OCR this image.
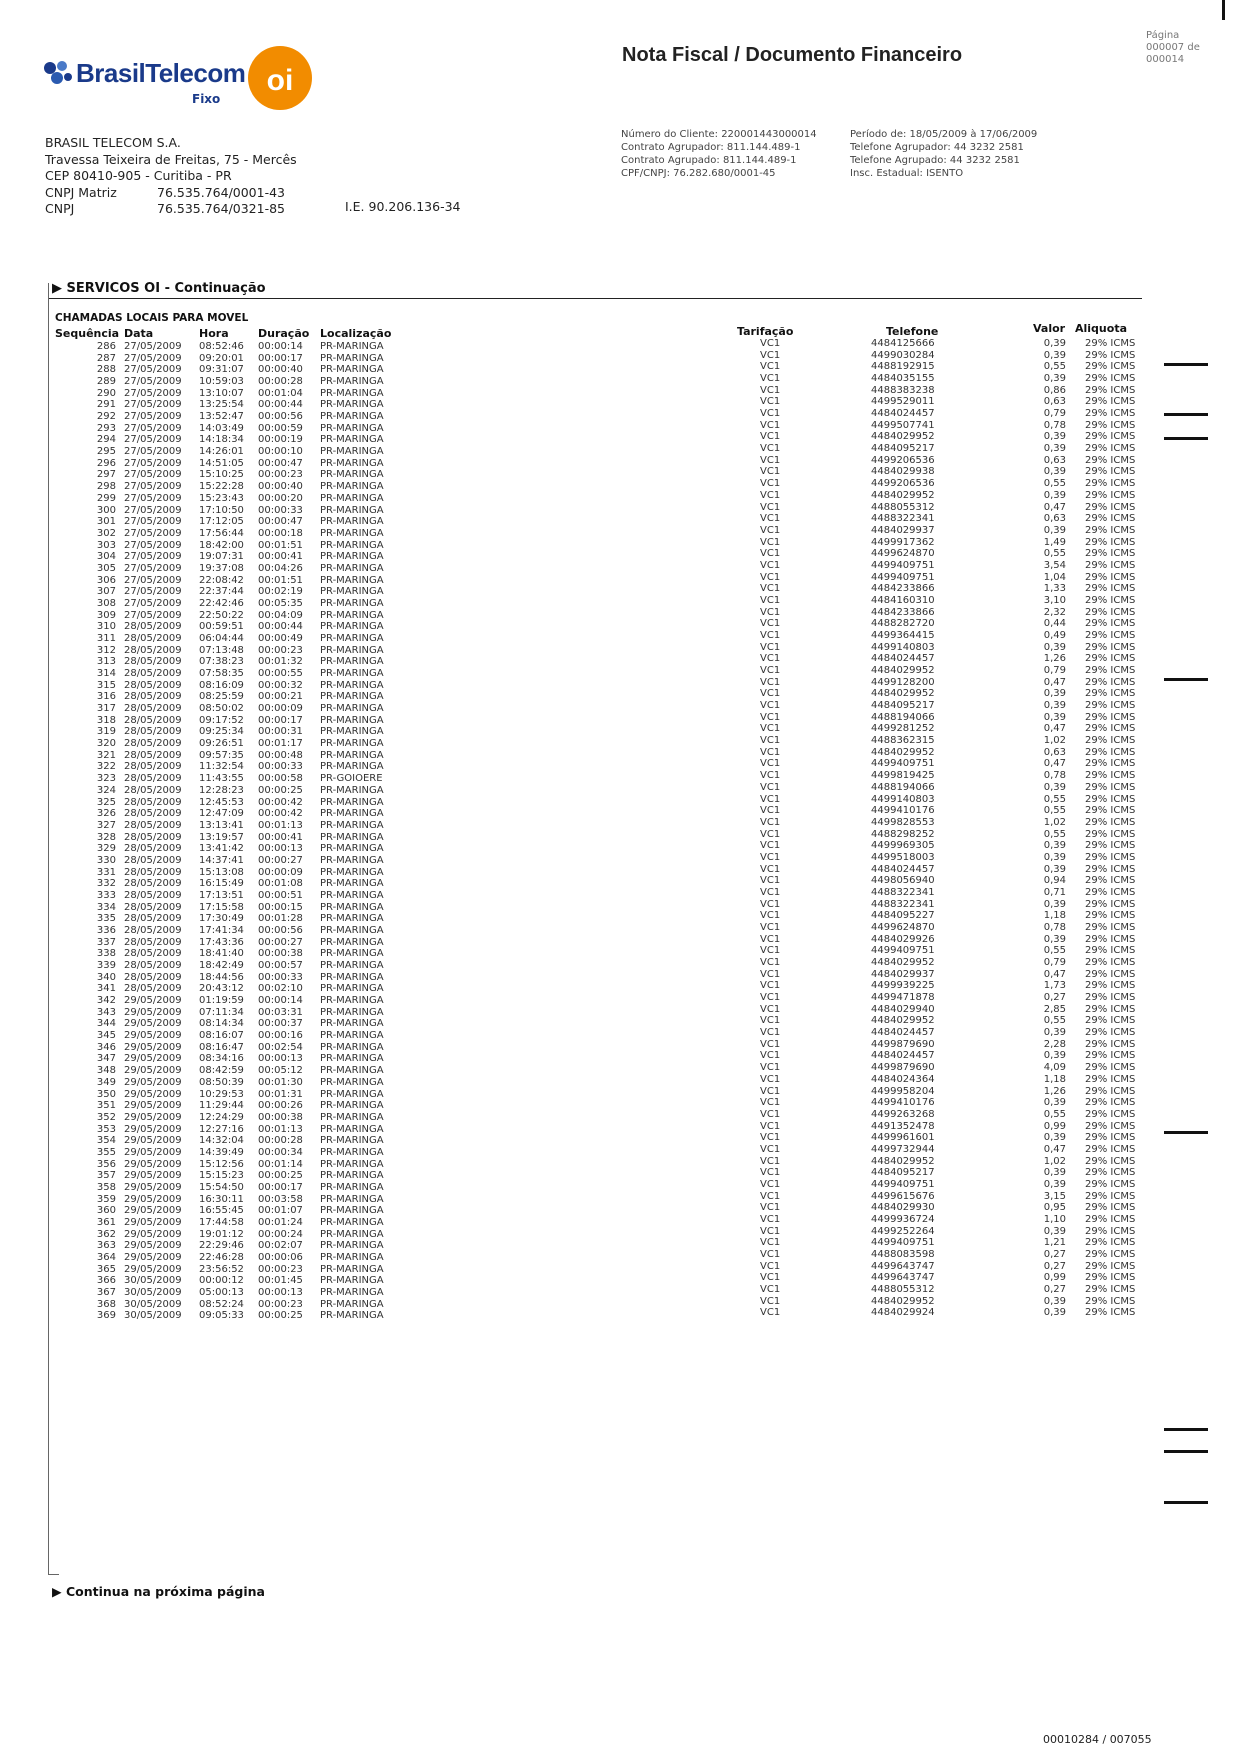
BrasilTelecom
Fixo
oi
BRASIL TELECOM S.A.
Travessa Teixeira de Freitas, 75 - Mercês
CEP 80410-905 - Curitiba - PR
CNPJ Matriz	76.535.764/0001-43
CNPJ	76.535.764/0321-85	I.E. 90.206.136-34
Nota Fiscal / Documento Financeiro
Página
000007 de
000014
Número do Cliente: 220001443000014
Contrato Agrupador: 811.144.489-1
Contrato Agrupado: 811.144.489-1
CPF/CNPJ: 76.282.680/0001-45
Período de: 18/05/2009 à 17/06/2009
Telefone Agrupador: 44 3232 2581
Telefone Agrupado: 44 3232 2581
Insc. Estadual: ISENTO
▶ SERVICOS OI - Continuação
CHAMADAS LOCAIS PARA MOVEL
Sequência Data	Hora	Duração Localização	Tarifação	Telefone	Valor Aliquota
286 27/05/2009 08:52:46 00:00:14 PR-MARINGA	VC1	4484125666	0,39 29% ICMS
287 27/05/2009 09:20:01 00:00:17 PR-MARINGA	VC1	4499030284	0,39 29% ICMS
288 27/05/2009 09:31:07 00:00:40 PR-MARINGA	VC1	4488192915	0,55 29% ICMS
289 27/05/2009 10:59:03 00:00:28 PR-MARINGA	VC1	4484035155	0,39 29% ICMS
290 27/05/2009 13:10:07 00:01:04 PR-MARINGA	VC1	4488383238	0,86 29% ICMS
291 27/05/2009 13:25:54 00:00:44 PR-MARINGA	VC1	4499529011	0,63 29% ICMS
292 27/05/2009 13:52:47 00:00:56 PR-MARINGA	VC1	4484024457	0,79 29% ICMS
293 27/05/2009 14:03:49 00:00:59 PR-MARINGA	VC1	4499507741	0,78 29% ICMS
294 27/05/2009 14:18:34 00:00:19 PR-MARINGA	VC1	4484029952	0,39 29% ICMS
295 27/05/2009 14:26:01 00:00:10 PR-MARINGA	VC1	4484095217	0,39 29% ICMS
296 27/05/2009 14:51:05 00:00:47 PR-MARINGA	VC1	4499206536	0,63 29% ICMS
297 27/05/2009 15:10:25 00:00:23 PR-MARINGA	VC1	4484029938	0,39 29% ICMS
298 27/05/2009 15:22:28 00:00:40 PR-MARINGA	VC1	4499206536	0,55 29% ICMS
299 27/05/2009 15:23:43 00:00:20 PR-MARINGA	VC1	4484029952	0,39 29% ICMS
300 27/05/2009 17:10:50 00:00:33 PR-MARINGA	VC1	4488055312	0,47 29% ICMS
301 27/05/2009 17:12:05 00:00:47 PR-MARINGA	VC1	4488322341	0,63 29% ICMS
302 27/05/2009 17:56:44 00:00:18 PR-MARINGA	VC1	4484029937	0,39 29% ICMS
303 27/05/2009 18:42:00 00:01:51 PR-MARINGA	VC1	4499917362	1,49 29% ICMS
304 27/05/2009 19:07:31 00:00:41 PR-MARINGA	VC1	4499624870	0,55 29% ICMS
305 27/05/2009 19:37:08 00:04:26 PR-MARINGA	VC1	4499409751	3,54 29% ICMS
306 27/05/2009 22:08:42 00:01:51 PR-MARINGA	VC1	4499409751	1,04 29% ICMS
307 27/05/2009 22:37:44 00:02:19 PR-MARINGA	VC1	4484233866	1,33 29% ICMS
308 27/05/2009 22:42:46 00:05:35 PR-MARINGA	VC1	4484160310	3,10 29% ICMS
309 27/05/2009 22:50:22 00:04:09 PR-MARINGA	VC1	4484233866	2,32 29% ICMS
310 28/05/2009 00:59:51 00:00:44 PR-MARINGA	VC1	4488282720	0,44 29% ICMS
311 28/05/2009 06:04:44 00:00:49 PR-MARINGA	VC1	4499364415	0,49 29% ICMS
312 28/05/2009 07:13:48 00:00:23 PR-MARINGA	VC1	4499140803	0,39 29% ICMS
313 28/05/2009 07:38:23 00:01:32 PR-MARINGA	VC1	4484024457	1,26 29% ICMS
314 28/05/2009 07:58:35 00:00:55 PR-MARINGA	VC1	4484029952	0,79 29% ICMS
315 28/05/2009 08:16:09 00:00:32 PR-MARINGA	VC1	4499128200	0,47 29% ICMS
316 28/05/2009 08:25:59 00:00:21 PR-MARINGA	VC1	4484029952	0,39 29% ICMS
317 28/05/2009 08:50:02 00:00:09 PR-MARINGA	VC1	4484095217	0,39 29% ICMS
318 28/05/2009 09:17:52 00:00:17 PR-MARINGA	VC1	4488194066	0,39 29% ICMS
319 28/05/2009 09:25:34 00:00:31 PR-MARINGA	VC1	4499281252	0,47 29% ICMS
320 28/05/2009 09:26:51 00:01:17 PR-MARINGA	VC1	4488362315	1,02 29% ICMS
321 28/05/2009 09:57:35 00:00:48 PR-MARINGA	VC1	4484029952	0,63 29% ICMS
322 28/05/2009 11:32:54 00:00:33 PR-MARINGA	VC1	4499409751	0,47 29% ICMS
323 28/05/2009 11:43:55 00:00:58 PR-GOIOERE	VC1	4499819425	0,78 29% ICMS
324 28/05/2009 12:28:23 00:00:25 PR-MARINGA	VC1	4488194066	0,39 29% ICMS
325 28/05/2009 12:45:53 00:00:42 PR-MARINGA	VC1	4499140803	0,55 29% ICMS
326 28/05/2009 12:47:09 00:00:42 PR-MARINGA	VC1	4499410176	0,55 29% ICMS
327 28/05/2009 13:13:41 00:01:13 PR-MARINGA	VC1	4499828553	1,02 29% ICMS
328 28/05/2009 13:19:57 00:00:41 PR-MARINGA	VC1	4488298252	0,55 29% ICMS
329 28/05/2009 13:41:42 00:00:13 PR-MARINGA	VC1	4499969305	0,39 29% ICMS
330 28/05/2009 14:37:41 00:00:27 PR-MARINGA	VC1	4499518003	0,39 29% ICMS
331 28/05/2009 15:13:08 00:00:09 PR-MARINGA	VC1	4484024457	0,39 29% ICMS
332 28/05/2009 16:15:49 00:01:08 PR-MARINGA	VC1	4498056940	0,94 29% ICMS
333 28/05/2009 17:13:51 00:00:51 PR-MARINGA	VC1	4488322341	0,71 29% ICMS
334 28/05/2009 17:15:58 00:00:15 PR-MARINGA	VC1	4488322341	0,39 29% ICMS
335 28/05/2009 17:30:49 00:01:28 PR-MARINGA	VC1	4484095227	1,18 29% ICMS
336 28/05/2009 17:41:34 00:00:56 PR-MARINGA	VC1	4499624870	0,78 29% ICMS
337 28/05/2009 17:43:36 00:00:27 PR-MARINGA	VC1	4484029926	0,39 29% ICMS
338 28/05/2009 18:41:40 00:00:38 PR-MARINGA	VC1	4499409751	0,55 29% ICMS
339 28/05/2009 18:42:49 00:00:57 PR-MARINGA	VC1	4484029952	0,79 29% ICMS
340 28/05/2009 18:44:56 00:00:33 PR-MARINGA	VC1	4484029937	0,47 29% ICMS
341 28/05/2009 20:43:12 00:02:10 PR-MARINGA	VC1	4499939225	1,73 29% ICMS
342 29/05/2009 01:19:59 00:00:14 PR-MARINGA	VC1	4499471878	0,27 29% ICMS
343 29/05/2009 07:11:34 00:03:31 PR-MARINGA	VC1	4484029940	2,85 29% ICMS
344 29/05/2009 08:14:34 00:00:37 PR-MARINGA	VC1	4484029952	0,55 29% ICMS
345 29/05/2009 08:16:07 00:00:16 PR-MARINGA	VC1	4484024457	0,39 29% ICMS
346 29/05/2009 08:16:47 00:02:54 PR-MARINGA	VC1	4499879690	2,28 29% ICMS
347 29/05/2009 08:34:16 00:00:13 PR-MARINGA	VC1	4484024457	0,39 29% ICMS
348 29/05/2009 08:42:59 00:05:12 PR-MARINGA	VC1	4499879690	4,09 29% ICMS
349 29/05/2009 08:50:39 00:01:30 PR-MARINGA	VC1	4484024364	1,18 29% ICMS
350 29/05/2009 10:29:53 00:01:31 PR-MARINGA	VC1	4499958204	1,26 29% ICMS
351 29/05/2009 11:29:44 00:00:26 PR-MARINGA	VC1	4499410176	0,39 29% ICMS
352 29/05/2009 12:24:29 00:00:38 PR-MARINGA	VC1	4499263268	0,55 29% ICMS
353 29/05/2009 12:27:16 00:01:13 PR-MARINGA	VC1	4491352478	0,99 29% ICMS
354 29/05/2009 14:32:04 00:00:28 PR-MARINGA	VC1	4499961601	0,39 29% ICMS
355 29/05/2009 14:39:49 00:00:34 PR-MARINGA	VC1	4499732944	0,47 29% ICMS
356 29/05/2009 15:12:56 00:01:14 PR-MARINGA	VC1	4484029952	1,02 29% ICMS
357 29/05/2009 15:15:23 00:00:25 PR-MARINGA	VC1	4484095217	0,39 29% ICMS
358 29/05/2009 15:54:50 00:00:17 PR-MARINGA	VC1	4499409751	0,39 29% ICMS
359 29/05/2009 16:30:11 00:03:58 PR-MARINGA	VC1	4499615676	3,15 29% ICMS
360 29/05/2009 16:55:45 00:01:07 PR-MARINGA	VC1	4484029930	0,95 29% ICMS
361 29/05/2009 17:44:58 00:01:24 PR-MARINGA	VC1	4499936724	1,10 29% ICMS
362 29/05/2009 19:01:12 00:00:24 PR-MARINGA	VC1	4499252264	0,39 29% ICMS
363 29/05/2009 22:29:46 00:02:07 PR-MARINGA	VC1	4499409751	1,21 29% ICMS
364 29/05/2009 22:46:28 00:00:06 PR-MARINGA	VC1	4488083598	0,27 29% ICMS
365 29/05/2009 23:56:52 00:00:23 PR-MARINGA	VC1	4499643747	0,27 29% ICMS
366 30/05/2009 00:00:12 00:01:45 PR-MARINGA	VC1	4499643747	0,99 29% ICMS
367 30/05/2009 05:00:13 00:00:13 PR-MARINGA	VC1	4488055312	0,27 29% ICMS
368 30/05/2009 08:52:24 00:00:23 PR-MARINGA	VC1	4484029952	0,39 29% ICMS
369 30/05/2009 09:05:33 00:00:25 PR-MARINGA	VC1	4484029924	0,39 29% ICMS
▶ Continua na próxima página
00010284 / 007055
